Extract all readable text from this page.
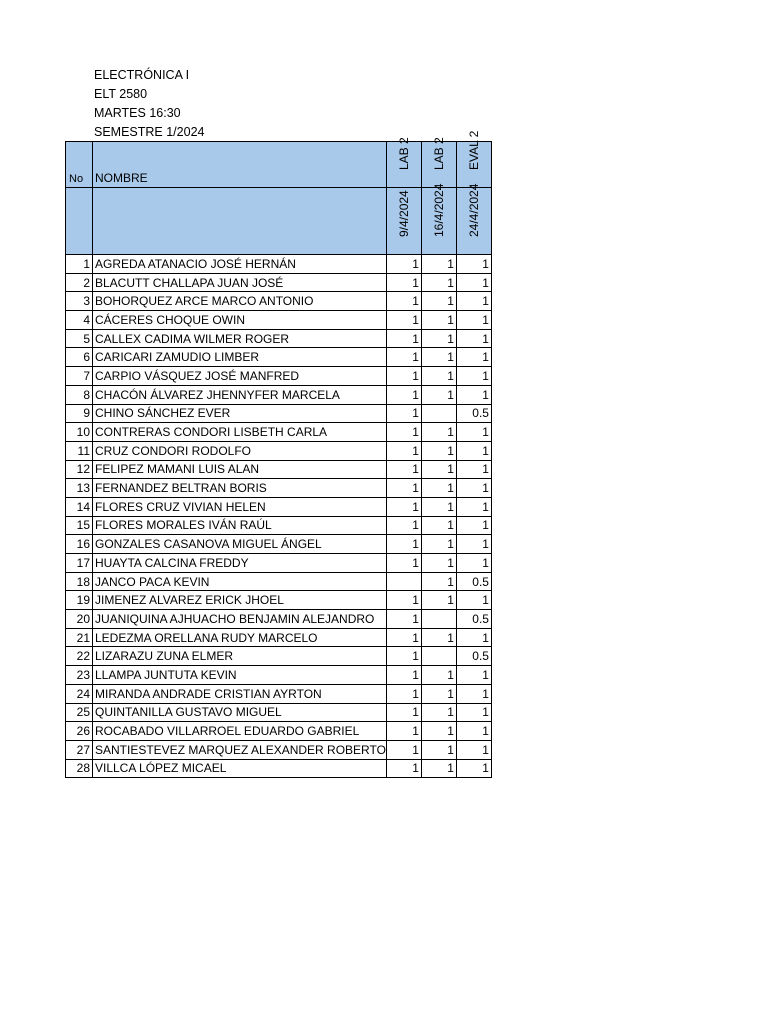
ELECTRÓNICA I
ELT 2580
MARTES 16:30
SEMESTRE 1/2024
No	NOMBRE	LAB 2	LAB 2	EVAL 2

		9/4/2024	16/4/2024	24/4/2024

1	AGREDA ATANACIO JOSÉ HERNÁN	1	1	1
2	BLACUTT CHALLAPA JUAN JOSÉ	1	1	1
3	BOHORQUEZ ARCE MARCO ANTONIO	1	1	1
4	CÁCERES CHOQUE OWIN	1	1	1
5	CALLEX CADIMA WILMER ROGER	1	1	1
6	CARICARI ZAMUDIO LIMBER	1	1	1
7	CARPIO VÁSQUEZ JOSÉ MANFRED	1	1	1
8	CHACÓN ÁLVAREZ JHENNYFER MARCELA	1	1	1
9	CHINO SÁNCHEZ EVER	1		0.5
10	CONTRERAS CONDORI LISBETH CARLA	1	1	1
11	CRUZ CONDORI RODOLFO	1	1	1
12	FELIPEZ MAMANI LUIS ALAN	1	1	1
13	FERNANDEZ BELTRAN BORIS	1	1	1
14	FLORES CRUZ VIVIAN HELEN	1	1	1
15	FLORES MORALES IVÁN RAÚL	1	1	1
16	GONZALES CASANOVA MIGUEL ÁNGEL	1	1	1
17	HUAYTA CALCINA FREDDY	1	1	1
18	JANCO PACA KEVIN		1	0.5
19	JIMENEZ ALVAREZ ERICK JHOEL	1	1	1
20	JUANIQUINA AJHUACHO BENJAMIN ALEJANDRO	1		0.5
21	LEDEZMA ORELLANA RUDY MARCELO	1	1	1
22	LIZARAZU ZUNA ELMER	1		0.5
23	LLAMPA JUNTUTA KEVIN	1	1	1
24	MIRANDA ANDRADE CRISTIAN AYRTON	1	1	1
25	QUINTANILLA GUSTAVO MIGUEL	1	1	1
26	ROCABADO VILLARROEL EDUARDO GABRIEL	1	1	1
27	SANTIESTEVEZ MARQUEZ ALEXANDER ROBERTO	1	1	1
28	VILLCA LÓPEZ MICAEL	1	1	1
